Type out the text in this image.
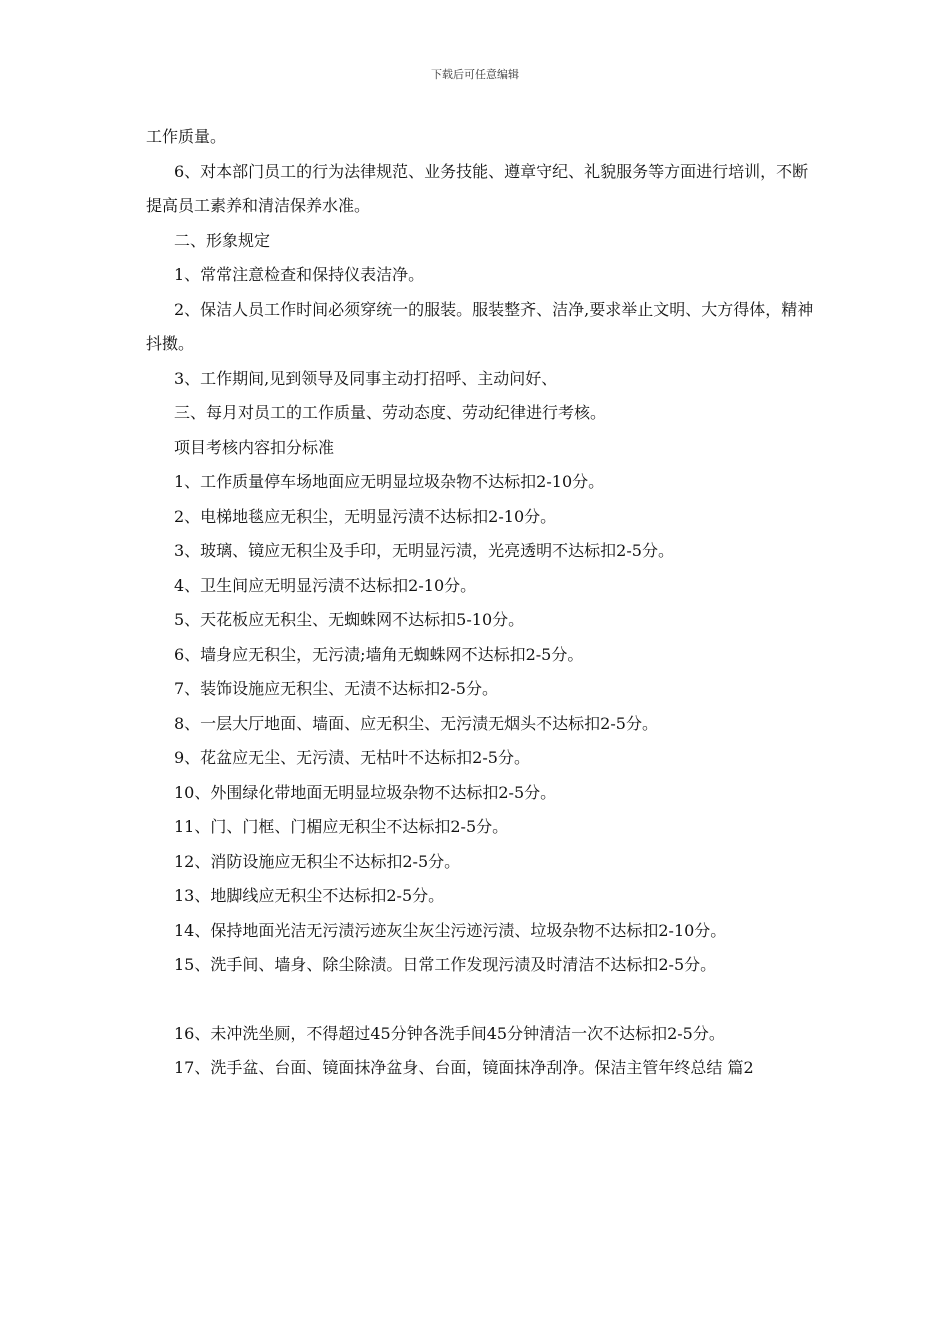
下载后可任意编辑

工作质量。

6、对本部门员工的行为法律规范、业务技能、遵章守纪、礼貌服务等方面进行培训，不断提高员工素养和清洁保养水准。

二、形象规定

1、常常注意检查和保持仪表洁净。

2、保洁人员工作时间必须穿统一的服装。服装整齐、洁净,要求举止文明、大方得体，精神抖擞。

3、工作期间,见到领导及同事主动打招呼、主动问好、

三、每月对员工的工作质量、劳动态度、劳动纪律进行考核。

项目考核内容扣分标准

1、工作质量停车场地面应无明显垃圾杂物不达标扣2-10分。

2、电梯地毯应无积尘，无明显污渍不达标扣2-10分。

3、玻璃、镜应无积尘及手印，无明显污渍，光亮透明不达标扣2-5分。

4、卫生间应无明显污渍不达标扣2-10分。

5、天花板应无积尘、无蜘蛛网不达标扣5-10分。

6、墙身应无积尘，无污渍;墙角无蜘蛛网不达标扣2-5分。

7、装饰设施应无积尘、无渍不达标扣2-5分。

8、一层大厅地面、墙面、应无积尘、无污渍无烟头不达标扣2-5分。

9、花盆应无尘、无污渍、无枯叶不达标扣2-5分。

10、外围绿化带地面无明显垃圾杂物不达标扣2-5分。

11、门、门框、门楣应无积尘不达标扣2-5分。

12、消防设施应无积尘不达标扣2-5分。

13、地脚线应无积尘不达标扣2-5分。

14、保持地面光洁无污渍污迹灰尘灰尘污迹污渍、垃圾杂物不达标扣2-10分。

15、洗手间、墙身、除尘除渍。日常工作发现污渍及时清洁不达标扣2-5分。

16、未冲洗坐厕，不得超过45分钟各洗手间45分钟清洁一次不达标扣2-5分。

17、洗手盆、台面、镜面抹净盆身、台面，镜面抹净刮净。保洁主管年终总结 篇2
